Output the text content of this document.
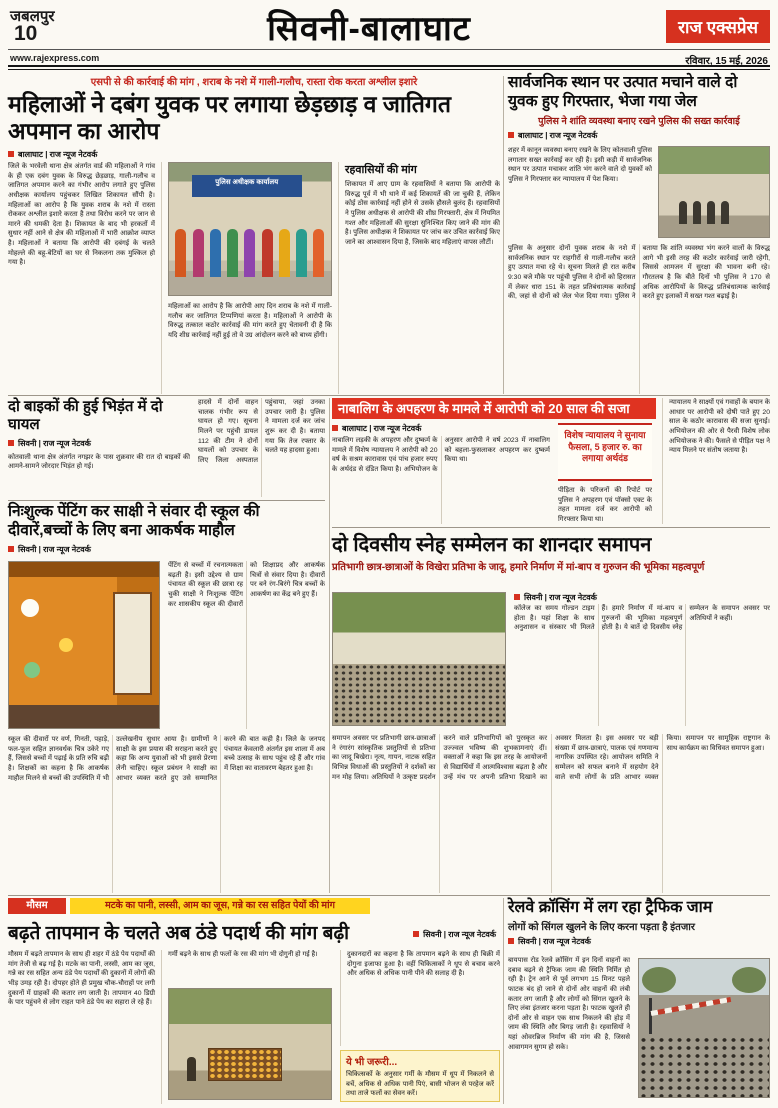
जबलपुर
10	सिवनी-बालाघाट	राज एक्सप्रेस
www.rajexpress.com	रविवार, 15 मई, 2026
एसपी से की कार्रवाई की मांग , शराब के नशे में गाली-गलौच, रास्ता रोक करता अश्लील इशारे
महिलाओं ने दबंग युवक पर लगाया छेड़छाड़ व जातिगत अपमान का आरोप
बालाघाट | राज न्यूज नेटवर्क
जिले के भरवेली थाना क्षेत्र अंतर्गत वार्ड की महिलाओं ने गांव के ही एक दबंग युवक के विरुद्ध छेड़छाड़, गाली-गलौच व जातिगत अपमान करने का गंभीर आरोप लगाते हुए पुलिस अधीक्षक कार्यालय पहुंचकर लिखित शिकायत सौंपी है। महिलाओं का आरोप है कि युवक शराब के नशे में रास्ता रोककर अश्लील इशारे करता है तथा विरोध करने पर जान से मारने की धमकी देता है। शिकायत के बाद भी हरकतों में सुधार नहीं आने से क्षेत्र की महिलाओं में भारी आक्रोश व्याप्त है। महिलाओं ने बताया कि आरोपी की दबंगई के चलते मोहल्ले की बहू-बेटियों का घर से निकलना तक मुश्किल हो गया है।
पुलिस अधीक्षक कार्यालय
महिलाओं का आरोप है कि आरोपी आए दिन शराब के नशे में गाली-गलौच कर जातिगत टिप्पणियां करता है। महिलाओं ने आरोपी के विरुद्ध तत्काल कठोर कार्रवाई की मांग करते हुए चेतावनी दी है कि यदि शीघ्र कार्रवाई नहीं हुई तो वे उग्र आंदोलन करने को बाध्य होंगी।
रहवासियों की मांग
शिकायत में आए ग्राम के रहवासियों ने बताया कि आरोपी के विरुद्ध पूर्व में भी थाने में कई शिकायतें की जा चुकी हैं, लेकिन कोई ठोस कार्रवाई नहीं होने से उसके हौसले बुलंद हैं। रहवासियों ने पुलिस अधीक्षक से आरोपी की शीघ्र गिरफ्तारी, क्षेत्र में नियमित गश्त और महिलाओं की सुरक्षा सुनिश्चित किए जाने की मांग की है। पुलिस अधीक्षक ने शिकायत पर जांच कर उचित कार्रवाई किए जाने का आश्वासन दिया है, जिसके बाद महिलाएं वापस लौटीं।
सार्वजनिक स्थान पर उत्पात मचाने वाले दो युवक हुए गिरफ्तार, भेजा गया जेल
पुलिस ने शांति व्यवस्था बनाए रखने पुलिस की सख्त कार्रवाई
बालाघाट | राज न्यूज नेटवर्क
शहर में कानून व्यवस्था बनाए रखने के लिए कोतवाली पुलिस लगातार सख्त कार्रवाई कर रही है। इसी कड़ी में सार्वजनिक स्थान पर उत्पात मचाकर शांति भंग करने वाले दो युवकों को पुलिस ने गिरफ्तार कर न्यायालय में पेश किया।
पुलिस के अनुसार दोनों युवक शराब के नशे में सार्वजनिक स्थान पर राहगीरों से गाली-गलौच करते हुए उत्पात मचा रहे थे। सूचना मिलते ही रात करीब 9:30 बजे मौके पर पहुंची पुलिस ने दोनों को हिरासत में लेकर धारा 151 के तहत प्रतिबंधात्मक कार्रवाई की, जहां से दोनों को जेल भेज दिया गया। पुलिस ने बताया कि शांति व्यवस्था भंग करने वालों के विरुद्ध आगे भी इसी तरह की कठोर कार्रवाई जारी रहेगी, जिससे आमजन में सुरक्षा की भावना बनी रहे। गौरतलब है कि बीते दिनों भी पुलिस ने 170 से अधिक आरोपियों के विरुद्ध प्रतिबंधात्मक कार्रवाई करते हुए इलाकों में सख्त गश्त बढ़ाई है।
दो बाइकों की हुई भिड़ंत में दो घायल
सिवनी | राज न्यूज नेटवर्क
कोतवाली थाना क्षेत्र अंतर्गत नगझर के पास शुक्रवार की रात दो बाइकों की आमने-सामने जोरदार भिड़ंत हो गई।
हादसे में दोनों वाहन चालक गंभीर रूप से घायल हो गए। सूचना मिलने पर पहुंची डायल 112 की टीम ने दोनों घायलों को उपचार के लिए जिला अस्पताल पहुंचाया, जहां उनका उपचार जारी है। पुलिस ने मामला दर्ज कर जांच शुरू कर दी है। बताया गया कि तेज रफ्तार के चलते यह हादसा हुआ।
नाबालिग के अपहरण के मामले में आरोपी को 20 साल की सजा
बालाघाट | राज न्यूज नेटवर्क
नाबालिग लड़की के अपहरण और दुष्कर्म के मामले में विशेष न्यायालय ने आरोपी को 20 वर्ष के सश्रम कारावास एवं पांच हजार रुपए के अर्थदंड से दंडित किया है। अभियोजन के अनुसार आरोपी ने वर्ष 2023 में नाबालिग को बहला-फुसलाकर अपहरण कर दुष्कर्म किया था।
विशेष न्यायालय ने सुनाया फैसला, 5 हजार रु. का लगाया अर्थदंड
पीड़िता के परिजनों की रिपोर्ट पर पुलिस ने अपहरण एवं पॉक्सो एक्ट के तहत मामला दर्ज कर आरोपी को गिरफ्तार किया था।
न्यायालय ने साक्ष्यों एवं गवाहों के बयान के आधार पर आरोपी को दोषी पाते हुए 20 साल के कठोर कारावास की सजा सुनाई। अभियोजन की ओर से पैरवी विशेष लोक अभियोजक ने की। फैसले से पीड़ित पक्ष ने न्याय मिलने पर संतोष जताया है।
निःशुल्क पेंटिंग कर साक्षी ने संवार दी स्कूल की दीवारें,बच्चों के लिए बना आकर्षक माहौल
सिवनी | राज न्यूज नेटवर्क
पेंटिंग से बच्चों में रचनात्मकता बढ़ती है। इसी उद्देश्य से ग्राम पंचायत की स्कूल की छात्रा रह चुकी साक्षी ने निःशुल्क पेंटिंग कर शासकीय स्कूल की दीवारों को शिक्षाप्रद और आकर्षक चित्रों से संवार दिया है। दीवारों पर बने रंग-बिरंगे चित्र बच्चों के आकर्षण का केंद्र बने हुए हैं।
स्कूल की दीवारों पर वर्ण, गिनती, पहाड़े, फल-फूल सहित ज्ञानवर्धक चित्र उकेरे गए हैं, जिससे बच्चों में पढ़ाई के प्रति रुचि बढ़ी है। शिक्षकों का कहना है कि आकर्षक माहौल मिलने से बच्चों की उपस्थिति में भी उल्लेखनीय सुधार आया है। ग्रामीणों ने साक्षी के इस प्रयास की सराहना करते हुए कहा कि अन्य युवाओं को भी इससे प्रेरणा लेनी चाहिए। स्कूल प्रबंधन ने साक्षी का आभार व्यक्त करते हुए उसे सम्मानित करने की बात कही है। जिले के जनपद पंचायत केवलारी अंतर्गत इस शाला में अब बच्चे उत्साह के साथ पहुंच रहे हैं और गांव में शिक्षा का वातावरण बेहतर हुआ है।
दो दिवसीय स्नेह सम्मेलन का शानदार समापन
प्रतिभागी छात्र-छात्राओं के विखेरा प्रतिभा के जादू, हमारे निर्माण में मां-बाप व गुरुजन की भूमिका महत्वपूर्ण
सिवनी | राज न्यूज नेटवर्क
कॉलेज का समय गोल्डन टाइम होता है। यहां शिक्षा के साथ अनुशासन व संस्कार भी मिलते हैं। हमारे निर्माण में मां-बाप व गुरुजनों की भूमिका महत्वपूर्ण होती है। ये बातें दो दिवसीय स्नेह सम्मेलन के समापन अवसर पर अतिथियों ने कहीं।
समापन अवसर पर प्रतिभागी छात्र-छात्राओं ने रंगारंग सांस्कृतिक प्रस्तुतियों से प्रतिभा का जादू बिखेरा। नृत्य, गायन, नाटक सहित विभिन्न विधाओं की प्रस्तुतियों ने दर्शकों का मन मोह लिया। अतिथियों ने उत्कृष्ट प्रदर्शन करने वाले प्रतिभागियों को पुरस्कृत कर उज्ज्वल भविष्य की शुभकामनाएं दीं। वक्ताओं ने कहा कि इस तरह के आयोजनों से विद्यार्थियों में आत्मविश्वास बढ़ता है और उन्हें मंच पर अपनी प्रतिभा दिखाने का अवसर मिलता है। इस अवसर पर बड़ी संख्या में छात्र-छात्राएं, पालक एवं गणमान्य नागरिक उपस्थित रहे। आयोजन समिति ने सम्मेलन को सफल बनाने में सहयोग देने वाले सभी लोगों के प्रति आभार व्यक्त किया। समापन पर सामूहिक राष्ट्रगान के साथ कार्यक्रम का विधिवत समापन हुआ।
मौसम	मटके का पानी, लस्सी, आम का जूस, गन्ने का रस सहित पेयों की मांग
बढ़ते तापमान के चलते अब ठंडे पदार्थ की मांग बढ़ी	सिवनी | राज न्यूज नेटवर्क
मौसम में बढ़ते तापमान के साथ ही शहर में ठंडे पेय पदार्थों की मांग तेजी से बढ़ गई है। मटके का पानी, लस्सी, आम का जूस, गन्ने का रस सहित अन्य ठंडे पेय पदार्थों की दुकानों में लोगों की भीड़ उमड़ रही है। दोपहर होते ही प्रमुख चौक-चौराहों पर लगी दुकानों में ग्राहकों की कतार लग जाती है। तापमान 40 डिग्री के पार पहुंचने से लोग राहत पाने ठंडे पेय का सहारा ले रहे हैं।
गर्मी बढ़ने के साथ ही फलों के रस की मांग भी दोगुनी हो गई है।	दुकानदारों का कहना है कि तापमान बढ़ने के साथ ही बिक्री में दोगुना इजाफा हुआ है। वहीं चिकित्सकों ने धूप से बचाव करने और अधिक से अधिक पानी पीने की सलाह दी है।
ये भी जरूरी...
चिकित्सकों के अनुसार गर्मी के मौसम में धूप में निकलने से बचें, अधिक से अधिक पानी पिएं, बासी भोजन से परहेज करें तथा ताजे फलों का सेवन करें।
रेलवे क्रॉसिंग में लग रहा ट्रैफिक जाम
लोगों को सिंगल खुलने के लिए करना पड़ता है इंतजार
सिवनी | राज न्यूज नेटवर्क
बायपास रोड रेलवे क्रॉसिंग में इन दिनों वाहनों का दबाव बढ़ने से ट्रैफिक जाम की स्थिति निर्मित हो रही है। ट्रेन आने से पूर्व लगभग 15 मिनट पहले फाटक बंद हो जाने से दोनों ओर वाहनों की लंबी कतार लग जाती है और लोगों को सिंगल खुलने के लिए लंबा इंतजार करना पड़ता है। फाटक खुलते ही दोनों ओर से वाहन एक साथ निकलने की होड़ में जाम की स्थिति और बिगड़ जाती है। रहवासियों ने यहां ओवरब्रिज निर्माण की मांग की है, जिससे आवागमन सुगम हो सके।
